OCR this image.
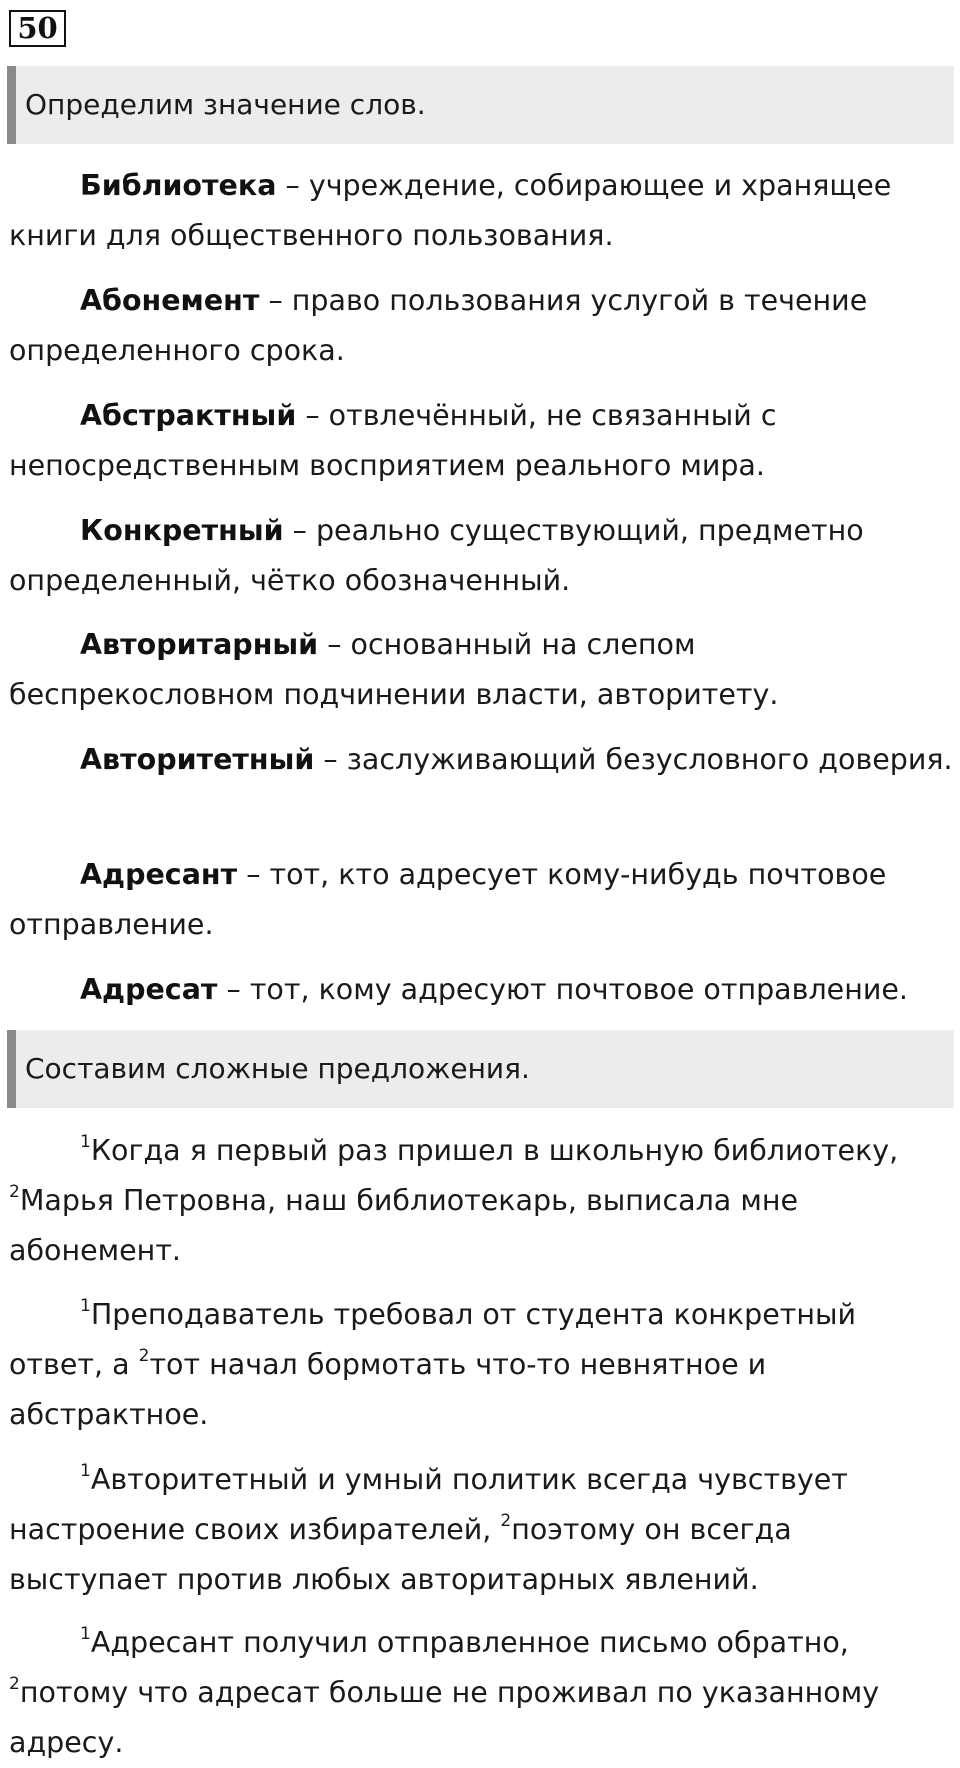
50
Определим значение слов.

Библиотека – учреждение, собирающее и хранящее книги для общественного пользования.

Абонемент – право пользования услугой в течение определенного срока.

Абстрактный – отвлечённый, не связанный с непосредственным восприятием реального мира.

Конкретный – реально существующий, предметно определенный, чётко обозначенный.

Авторитарный – основанный на слепом беспрекословном подчинении власти, авторитету.

Авторитетный – заслуживающий безусловного доверия.

Адресант – тот, кто адресует кому-нибудь почтовое отправление.

Адресат – тот, кому адресуют почтовое отправление.

Составим сложные предложения.

$^1$Когда я первый раз пришел в школьную библиотеку, $^2$Марья Петровна, наш библиотекарь, выписала мне абонемент.

$^1$Преподаватель требовал от студента конкретный ответ, а $^2$тот начал бормотать что-то невнятное и абстрактное.

$^1$Авторитетный и умный политик всегда чувствует настроение своих избирателей, $^2$поэтому он всегда выступает против любых авторитарных явлений.

$^1$Адресант получил отправленное письмо обратно, $^2$потому что адресат больше не проживал по указанному адресу.
